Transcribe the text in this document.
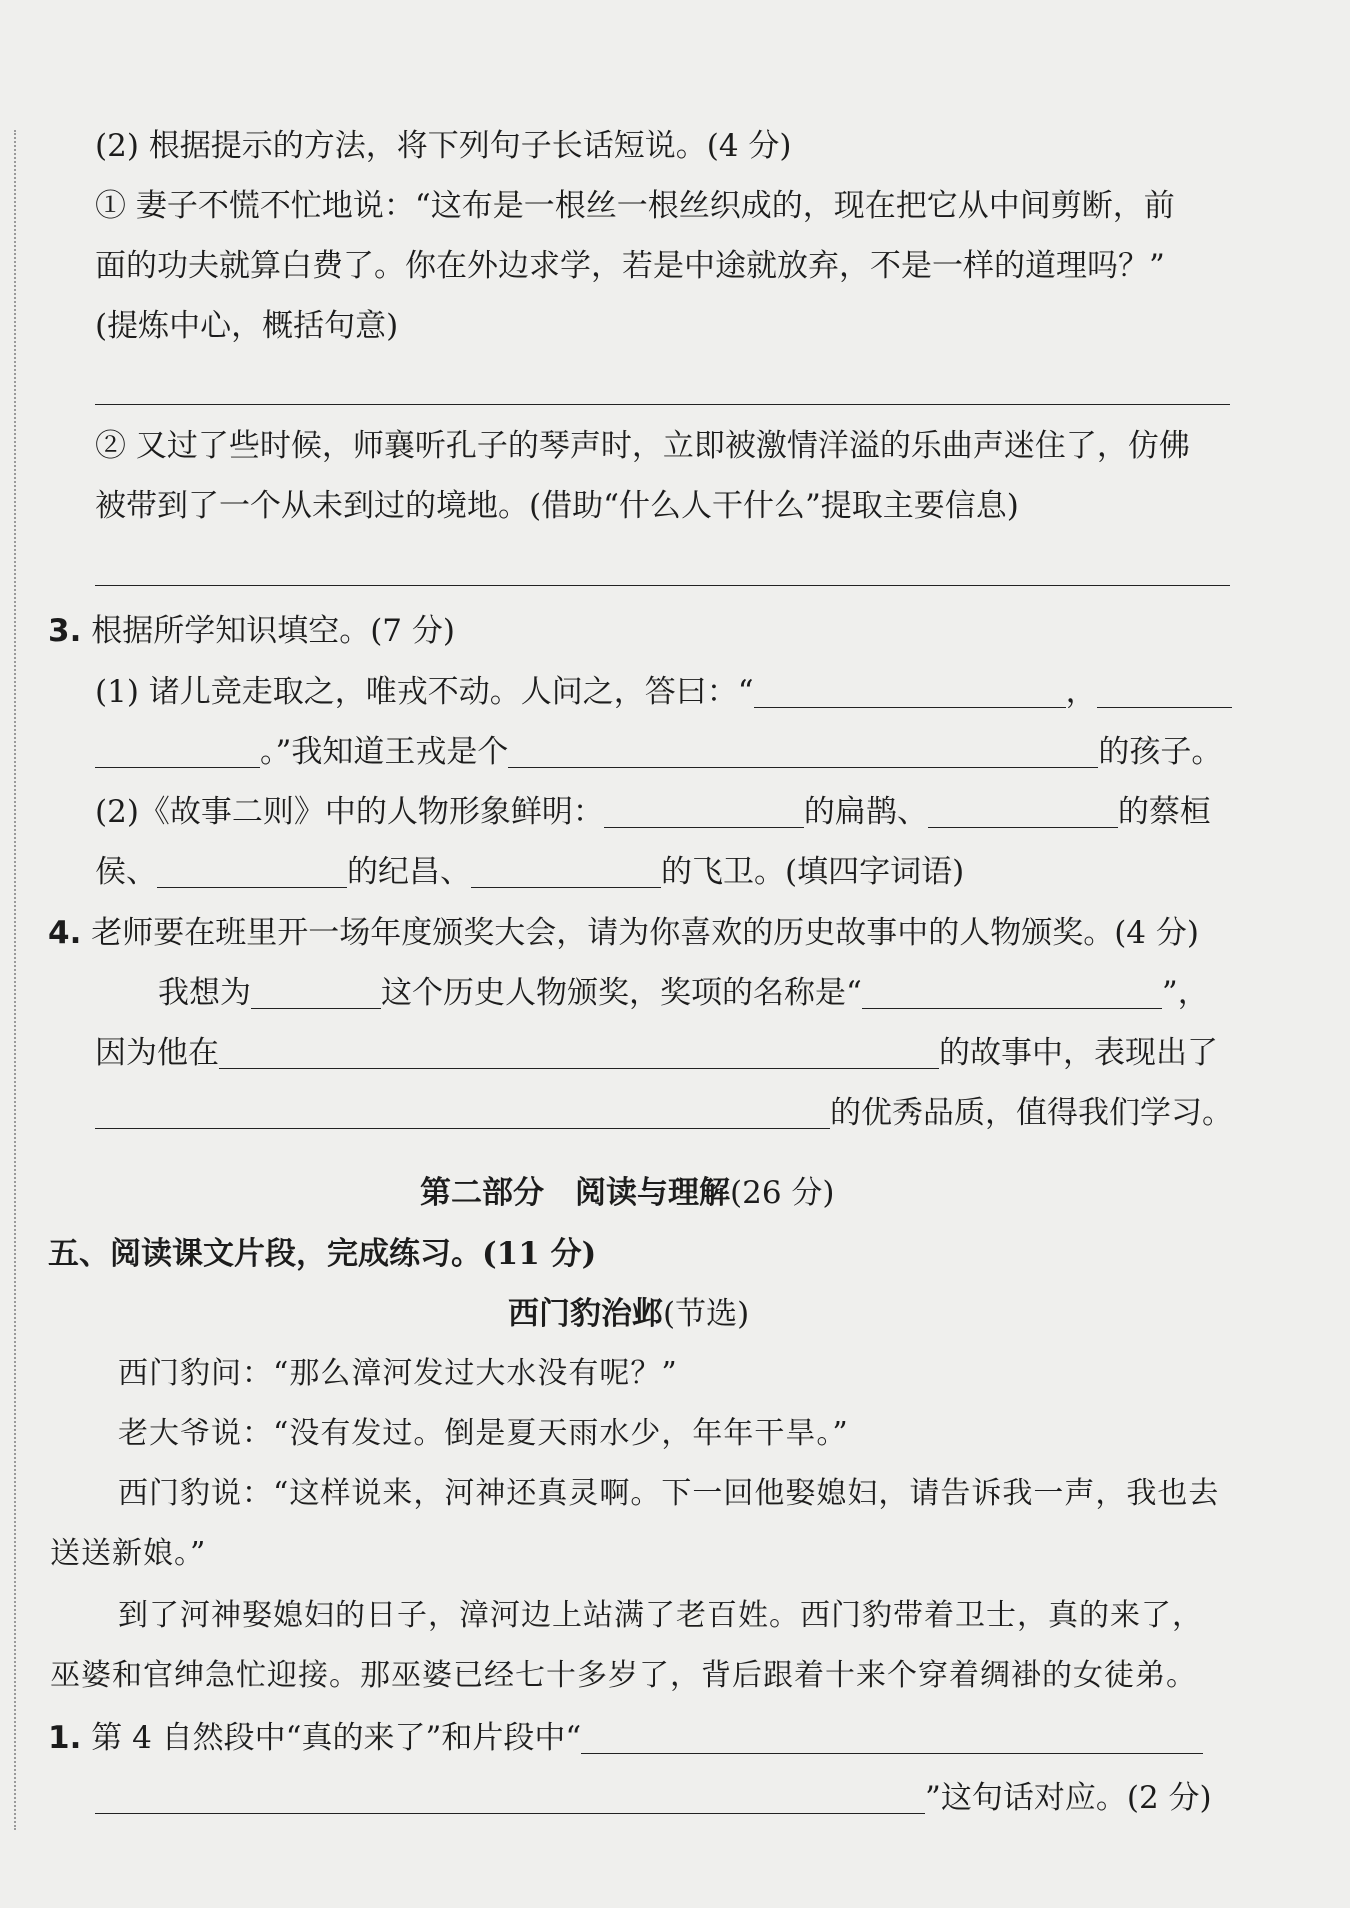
(2) 根据提示的方法，将下列句子长话短说。(4 分)
① 妻子不慌不忙地说：“这布是一根丝一根丝织成的，现在把它从中间剪断，前
面的功夫就算白费了。你在外边求学，若是中途就放弃，不是一样的道理吗？”
(提炼中心，概括句意)
② 又过了些时候，师襄听孔子的琴声时，立即被激情洋溢的乐曲声迷住了，仿佛
被带到了一个从未到过的境地。(借助“什么人干什么”提取主要信息)
3. 根据所学知识填空。(7 分)
(1) 诸儿竞走取之，唯戎不动。人问之，答曰：“	，
。”我知道王戎是个	的孩子。
(2)《故事二则》中的人物形象鲜明：	的扁鹊、	的蔡桓
侯、	的纪昌、	的飞卫。(填四字词语)
4. 老师要在班里开一场年度颁奖大会，请为你喜欢的历史故事中的人物颁奖。(4 分)
我想为	这个历史人物颁奖，奖项的名称是“	”，
因为他在	的故事中，表现出了
的优秀品质，值得我们学习。
第二部分　阅读与理解(26 分)
五、阅读课文片段，完成练习。(11 分)
西门豹治邺(节选)
西门豹问：“那么漳河发过大水没有呢？”
老大爷说：“没有发过。倒是夏天雨水少，年年干旱。”
西门豹说：“这样说来，河神还真灵啊。下一回他娶媳妇，请告诉我一声，我也去
送送新娘。”
到了河神娶媳妇的日子，漳河边上站满了老百姓。西门豹带着卫士，真的来了，
巫婆和官绅急忙迎接。那巫婆已经七十多岁了，背后跟着十来个穿着绸褂的女徒弟。
1. 第 4 自然段中“真的来了”和片段中“
”这句话对应。(2 分)
